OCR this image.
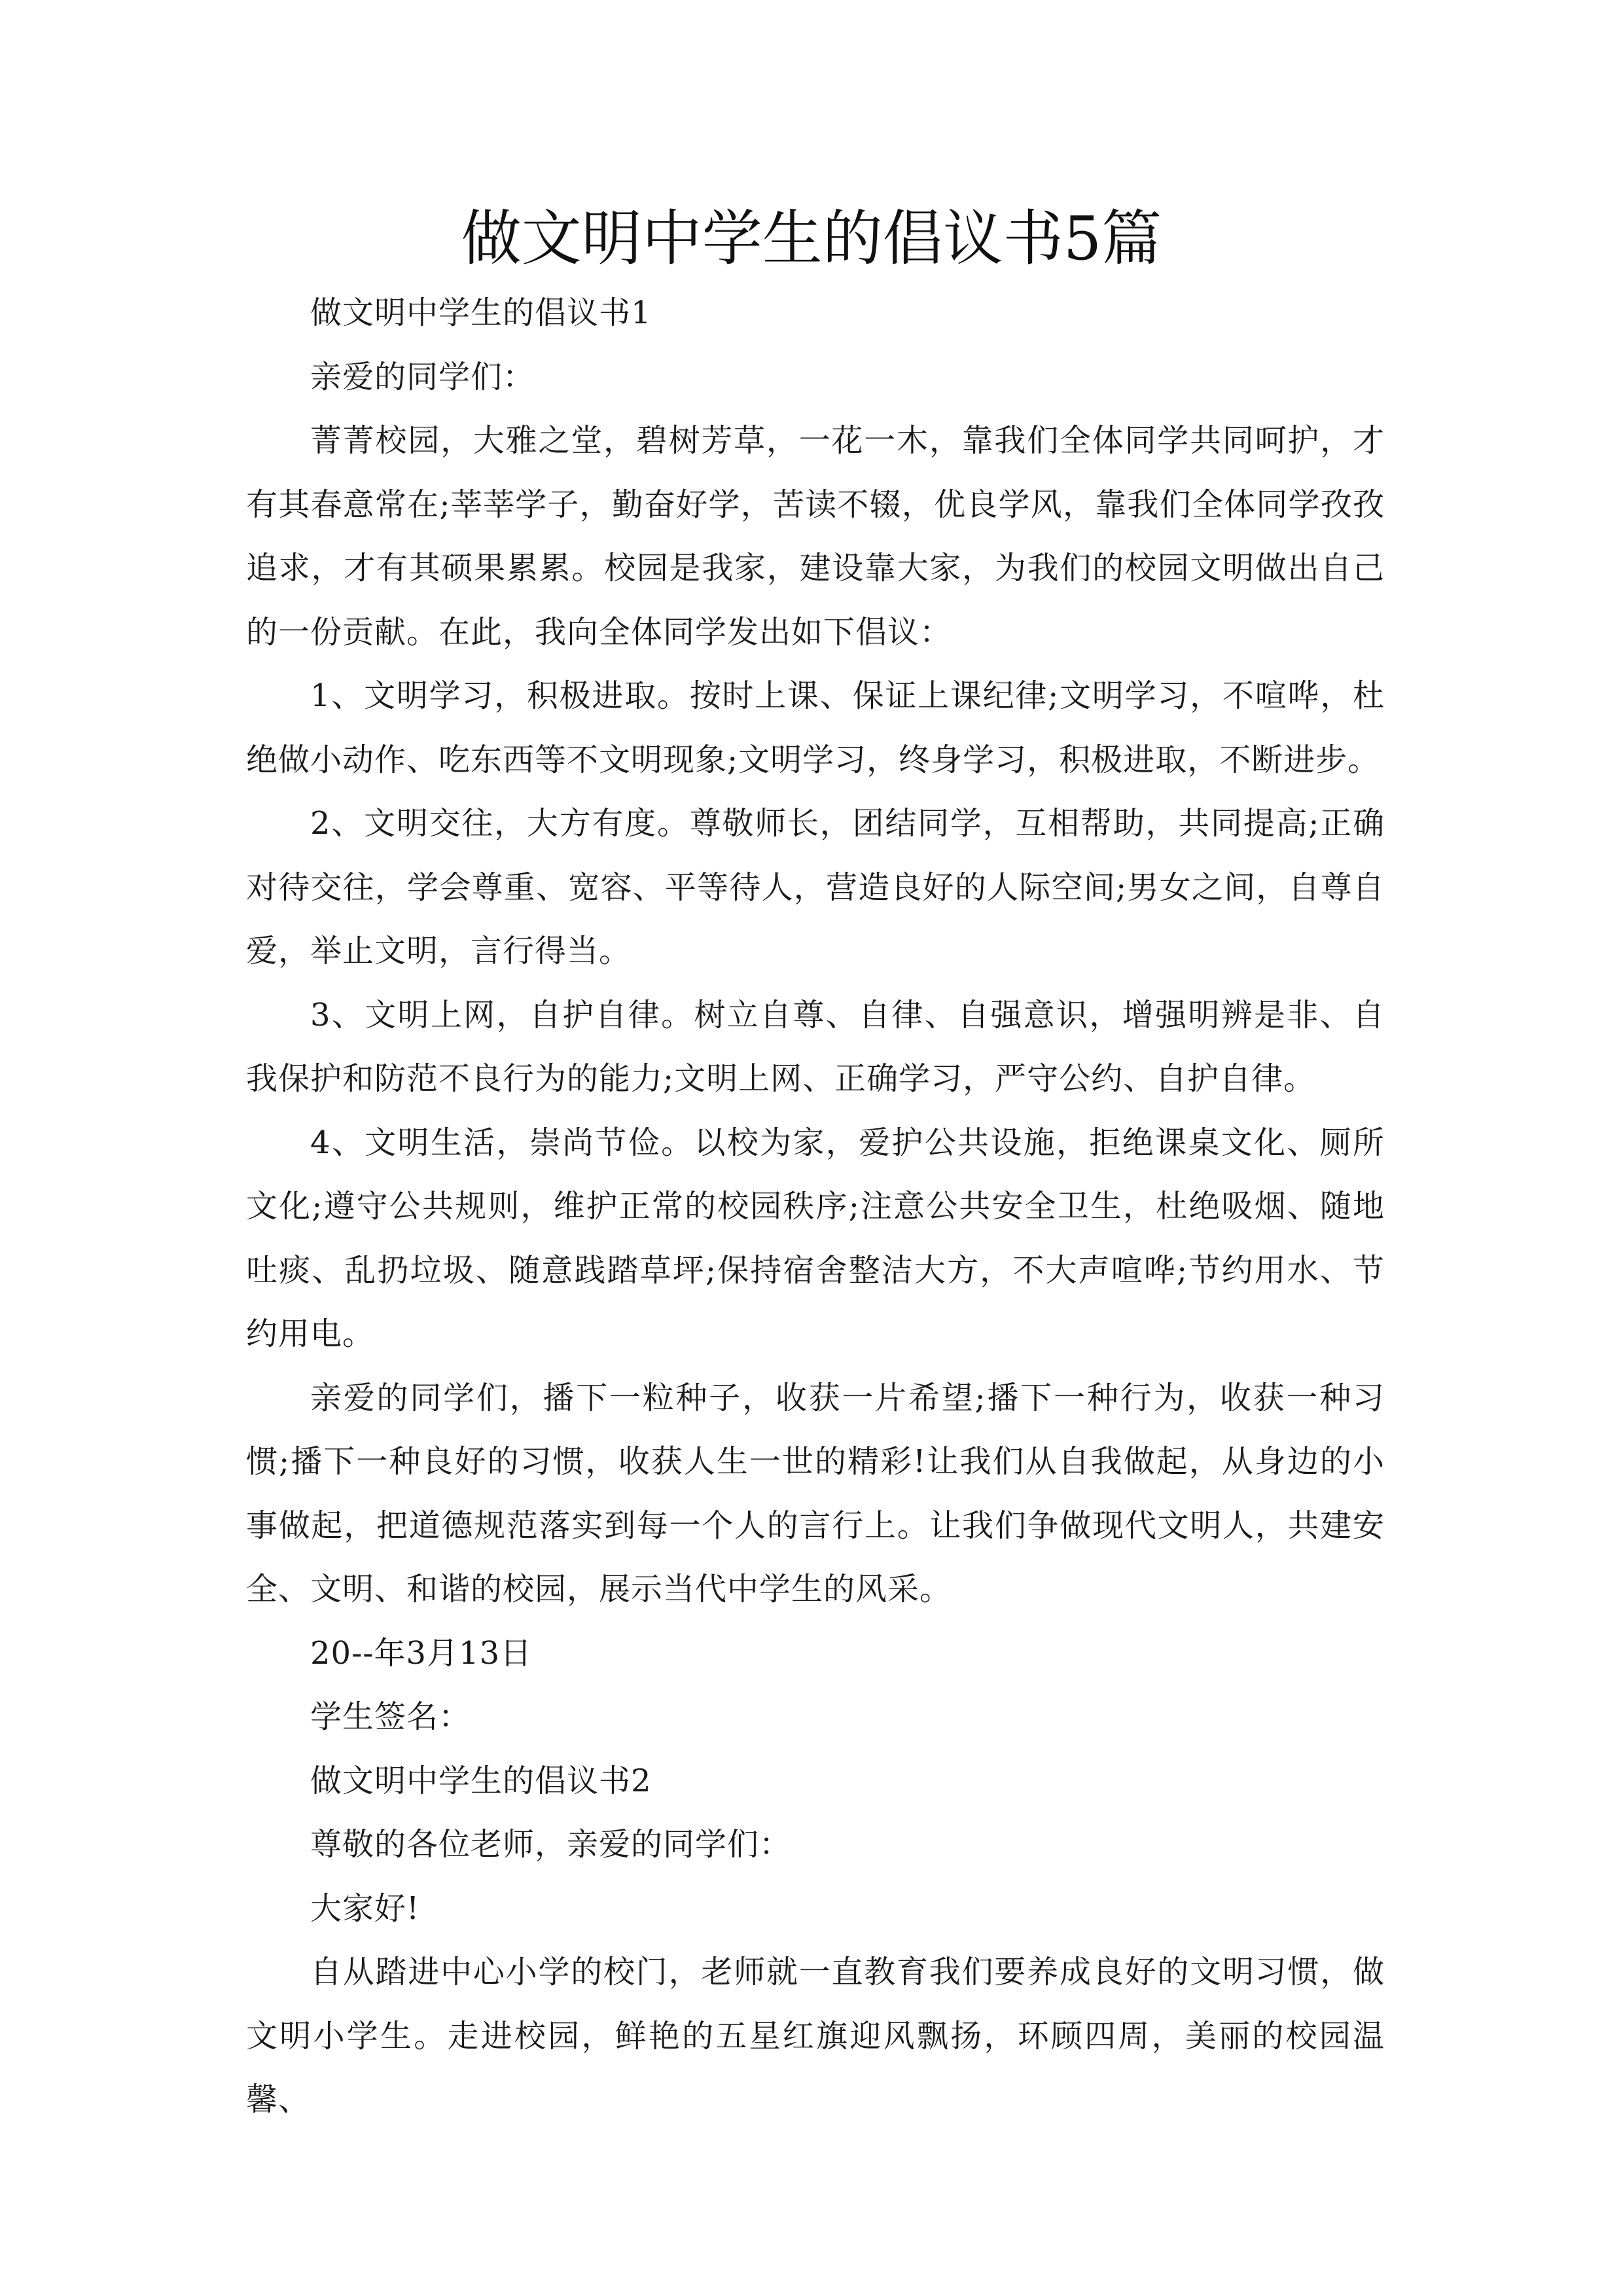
做文明中学生的倡议书5篇

做文明中学生的倡议书1

亲爱的同学们：

菁菁校园，大雅之堂，碧树芳草，一花一木，靠我们全体同学共同呵护，才有其春意常在;莘莘学子，勤奋好学，苦读不辍，优良学风，靠我们全体同学孜孜追求，才有其硕果累累。校园是我家，建设靠大家，为我们的校园文明做出自己的一份贡献。在此，我向全体同学发出如下倡议：

1、文明学习，积极进取。按时上课、保证上课纪律;文明学习，不喧哗，杜绝做小动作、吃东西等不文明现象;文明学习，终身学习，积极进取，不断进步。

2、文明交往，大方有度。尊敬师长，团结同学，互相帮助，共同提高;正确对待交往，学会尊重、宽容、平等待人，营造良好的人际空间;男女之间，自尊自爱，举止文明，言行得当。

3、文明上网，自护自律。树立自尊、自律、自强意识，增强明辨是非、自我保护和防范不良行为的能力;文明上网、正确学习，严守公约、自护自律。

4、文明生活，崇尚节俭。以校为家，爱护公共设施，拒绝课桌文化、厕所文化;遵守公共规则，维护正常的校园秩序;注意公共安全卫生，杜绝吸烟、随地吐痰、乱扔垃圾、随意践踏草坪;保持宿舍整洁大方，不大声喧哗;节约用水、节约用电。

亲爱的同学们，播下一粒种子，收获一片希望;播下一种行为，收获一种习惯;播下一种良好的习惯，收获人生一世的精彩!让我们从自我做起，从身边的小事做起，把道德规范落实到每一个人的言行上。让我们争做现代文明人，共建安全、文明、和谐的校园，展示当代中学生的风采。

20--年3月13日

学生签名：

做文明中学生的倡议书2

尊敬的各位老师，亲爱的同学们：

大家好!

自从踏进中心小学的校门，老师就一直教育我们要养成良好的文明习惯，做文明小学生。走进校园，鲜艳的五星红旗迎风飘扬，环顾四周，美丽的校园温馨、
